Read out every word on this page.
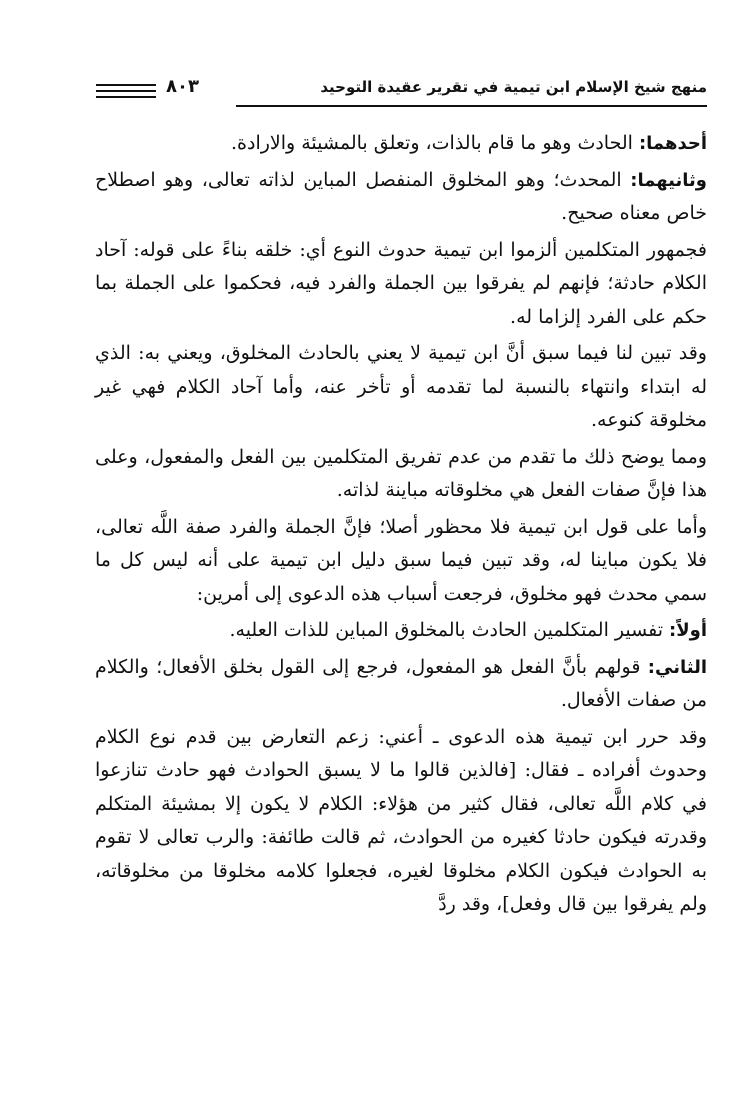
منهج شيخ الإسلام ابن تيمية في تقرير عقيدة التوحيد
٨٠٣

أحدهما: الحادث وهو ما قام بالذات، وتعلق بالمشيئة والارادة.

وثانيهما: المحدث؛ وهو المخلوق المنفصل المباين لذاته تعالى، وهو اصطلاح خاص معناه صحيح.

فجمهور المتكلمين ألزموا ابن تيمية حدوث النوع أي: خلقه بناءً على قوله: آحاد الكلام حادثة؛ فإنهم لم يفرقوا بين الجملة والفرد فيه، فحكموا على الجملة بما حكم على الفرد إلزاما له.

وقد تبين لنا فيما سبق أنَّ ابن تيمية لا يعني بالحادث المخلوق، ويعني به: الذي له ابتداء وانتهاء بالنسبة لما تقدمه أو تأخر عنه، وأما آحاد الكلام فهي غير مخلوقة كنوعه.

ومما يوضح ذلك ما تقدم من عدم تفريق المتكلمين بين الفعل والمفعول، وعلى هذا فإنَّ صفات الفعل هي مخلوقاته مباينة لذاته.

وأما على قول ابن تيمية فلا محظور أصلا؛ فإنَّ الجملة والفرد صفة اللَّه تعالى، فلا يكون مباينا له، وقد تبين فيما سبق دليل ابن تيمية على أنه ليس كل ما سمي محدث فهو مخلوق، فرجعت أسباب هذه الدعوى إلى أمرين:

أولاً: تفسير المتكلمين الحادث بالمخلوق المباين للذات العليه.

الثاني: قولهم بأنَّ الفعل هو المفعول، فرجع إلى القول بخلق الأفعال؛ والكلام من صفات الأفعال.

وقد حرر ابن تيمية هذه الدعوى ـ أعني: زعم التعارض بين قدم نوع الكلام وحدوث أفراده ـ فقال: [فالذين قالوا ما لا يسبق الحوادث فهو حادث تنازعوا في كلام اللَّه تعالى، فقال كثير من هؤلاء: الكلام لا يكون إلا بمشيئة المتكلم وقدرته فيكون حادثا كغيره من الحوادث، ثم قالت طائفة: والرب تعالى لا تقوم به الحوادث فيكون الكلام مخلوقا لغيره، فجعلوا كلامه مخلوقا من مخلوقاته، ولم يفرقوا بين قال وفعل]، وقد ردَّ
